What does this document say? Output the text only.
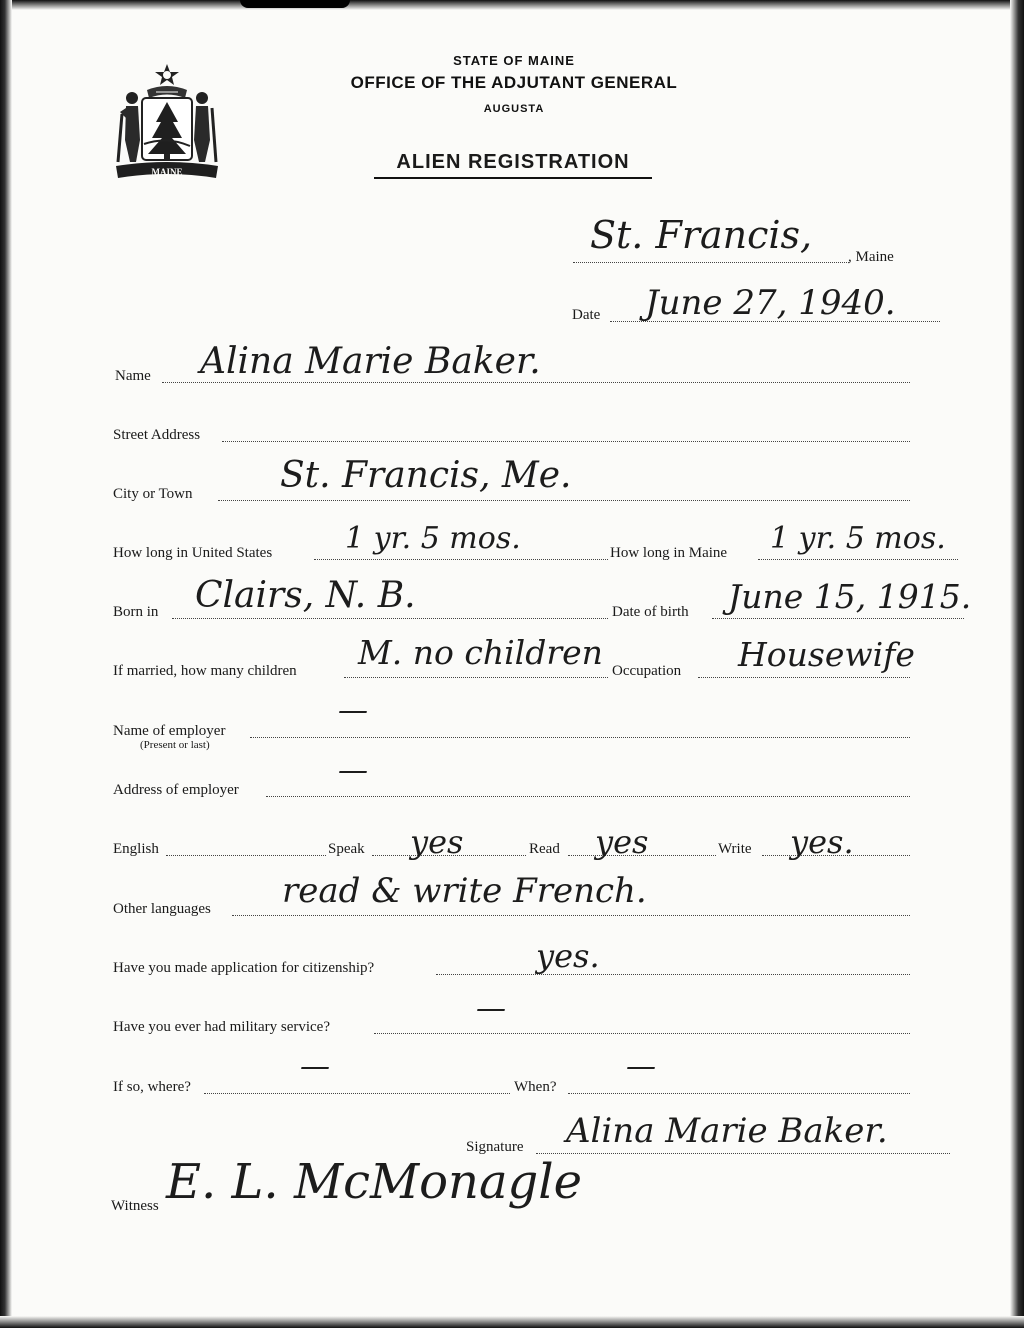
MAINE
STATE OF MAINE
OFFICE OF THE ADJUTANT GENERAL
AUGUSTA
ALIEN REGISTRATION
St. Francis, , Maine
Date June 27, 1940.
Name Alina Marie Baker.
Street Address
City or Town St. Francis, Me.
How long in United States 1 yr. 5 mos.	How long in Maine 1 yr. 5 mos.
Born in Clairs, N. B.	Date of birth June 15, 1915.
If married, how many children M. no children Occupation Housewife
Name of employer
(Present or last)
—
Address of employer
—
English	Speak yes	Read yes	Write yes.
Other languages read & write French.
Have you made application for citizenship?	yes.
Have you ever had military service?
—
If so, where?
—
When?
—
Signature Alina Marie Baker.
Witness E. L. McMonagle
